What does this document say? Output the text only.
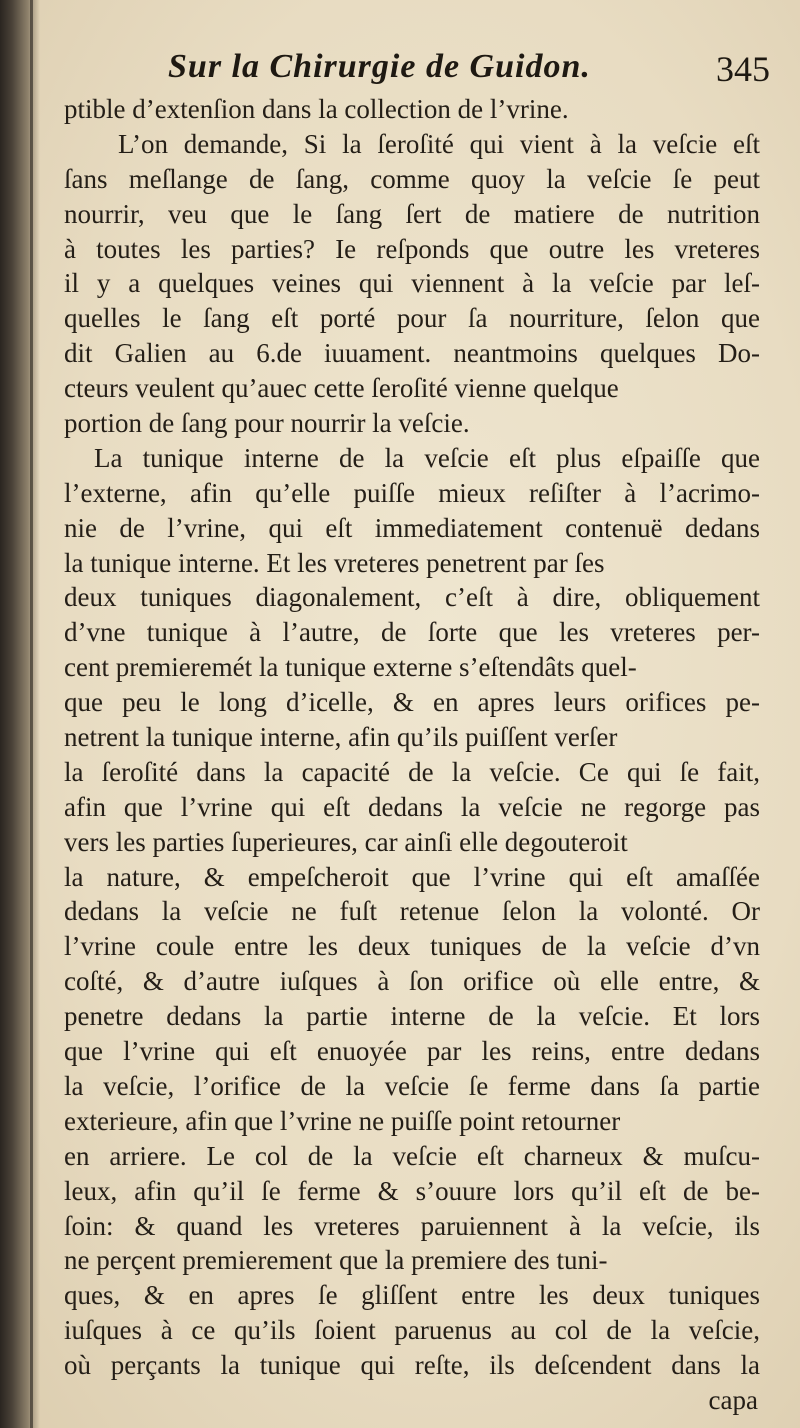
Sur la Chirurgie de Guidon.	345
ptible d’extenſion dans la collection de l’vrine.
L’on demande, Si la ſeroſité qui vient à la veſcie eſt
ſans meſlange de ſang, comme quoy la veſcie ſe peut
nourrir, veu que le ſang ſert de matiere de nutrition
à toutes les parties? Ie reſponds que outre les vreteres
il y a quelques veines qui viennent à la veſcie par leſ-
quelles le ſang eſt porté pour ſa nourriture, ſelon que
dit Galien au 6.de iuuament. neantmoins quelques Do-
cteurs veulent qu’auec cette ſeroſité vienne quelque
portion de ſang pour nourrir la veſcie.
La tunique interne de la veſcie eſt plus eſpaiſſe que
l’externe, afin qu’elle puiſſe mieux reſiſter à l’acrimo-
nie de l’vrine, qui eſt immediatement contenuë dedans
la tunique interne. Et les vreteres penetrent par ſes
deux tuniques diagonalement, c’eſt à dire, obliquement
d’vne tunique à l’autre, de ſorte que les vreteres per-
cent premieremét la tunique externe s’eſtendâts quel-
que peu le long d’icelle, & en apres leurs orifices pe-
netrent la tunique interne, afin qu’ils puiſſent verſer
la ſeroſité dans la capacité de la veſcie. Ce qui ſe fait,
afin que l’vrine qui eſt dedans la veſcie ne regorge pas
vers les parties ſuperieures, car ainſi elle degouteroit
la nature, & empeſcheroit que l’vrine qui eſt amaſſée
dedans la veſcie ne fuſt retenue ſelon la volonté. Or
l’vrine coule entre les deux tuniques de la veſcie d’vn
coſté, & d’autre iuſques à ſon orifice où elle entre, &
penetre dedans la partie interne de la veſcie. Et lors
que l’vrine qui eſt enuoyée par les reins, entre dedans
la veſcie, l’orifice de la veſcie ſe ferme dans ſa partie
exterieure, afin que l’vrine ne puiſſe point retourner
en arriere. Le col de la veſcie eſt charneux & muſcu-
leux, afin qu’il ſe ferme & s’ouure lors qu’il eſt de be-
ſoin: & quand les vreteres paruiennent à la veſcie, ils
ne perçent premierement que la premiere des tuni-
ques, & en apres ſe gliſſent entre les deux tuniques
iuſques à ce qu’ils ſoient paruenus au col de la veſcie,
où perçants la tunique qui reſte, ils deſcendent dans la
capa
